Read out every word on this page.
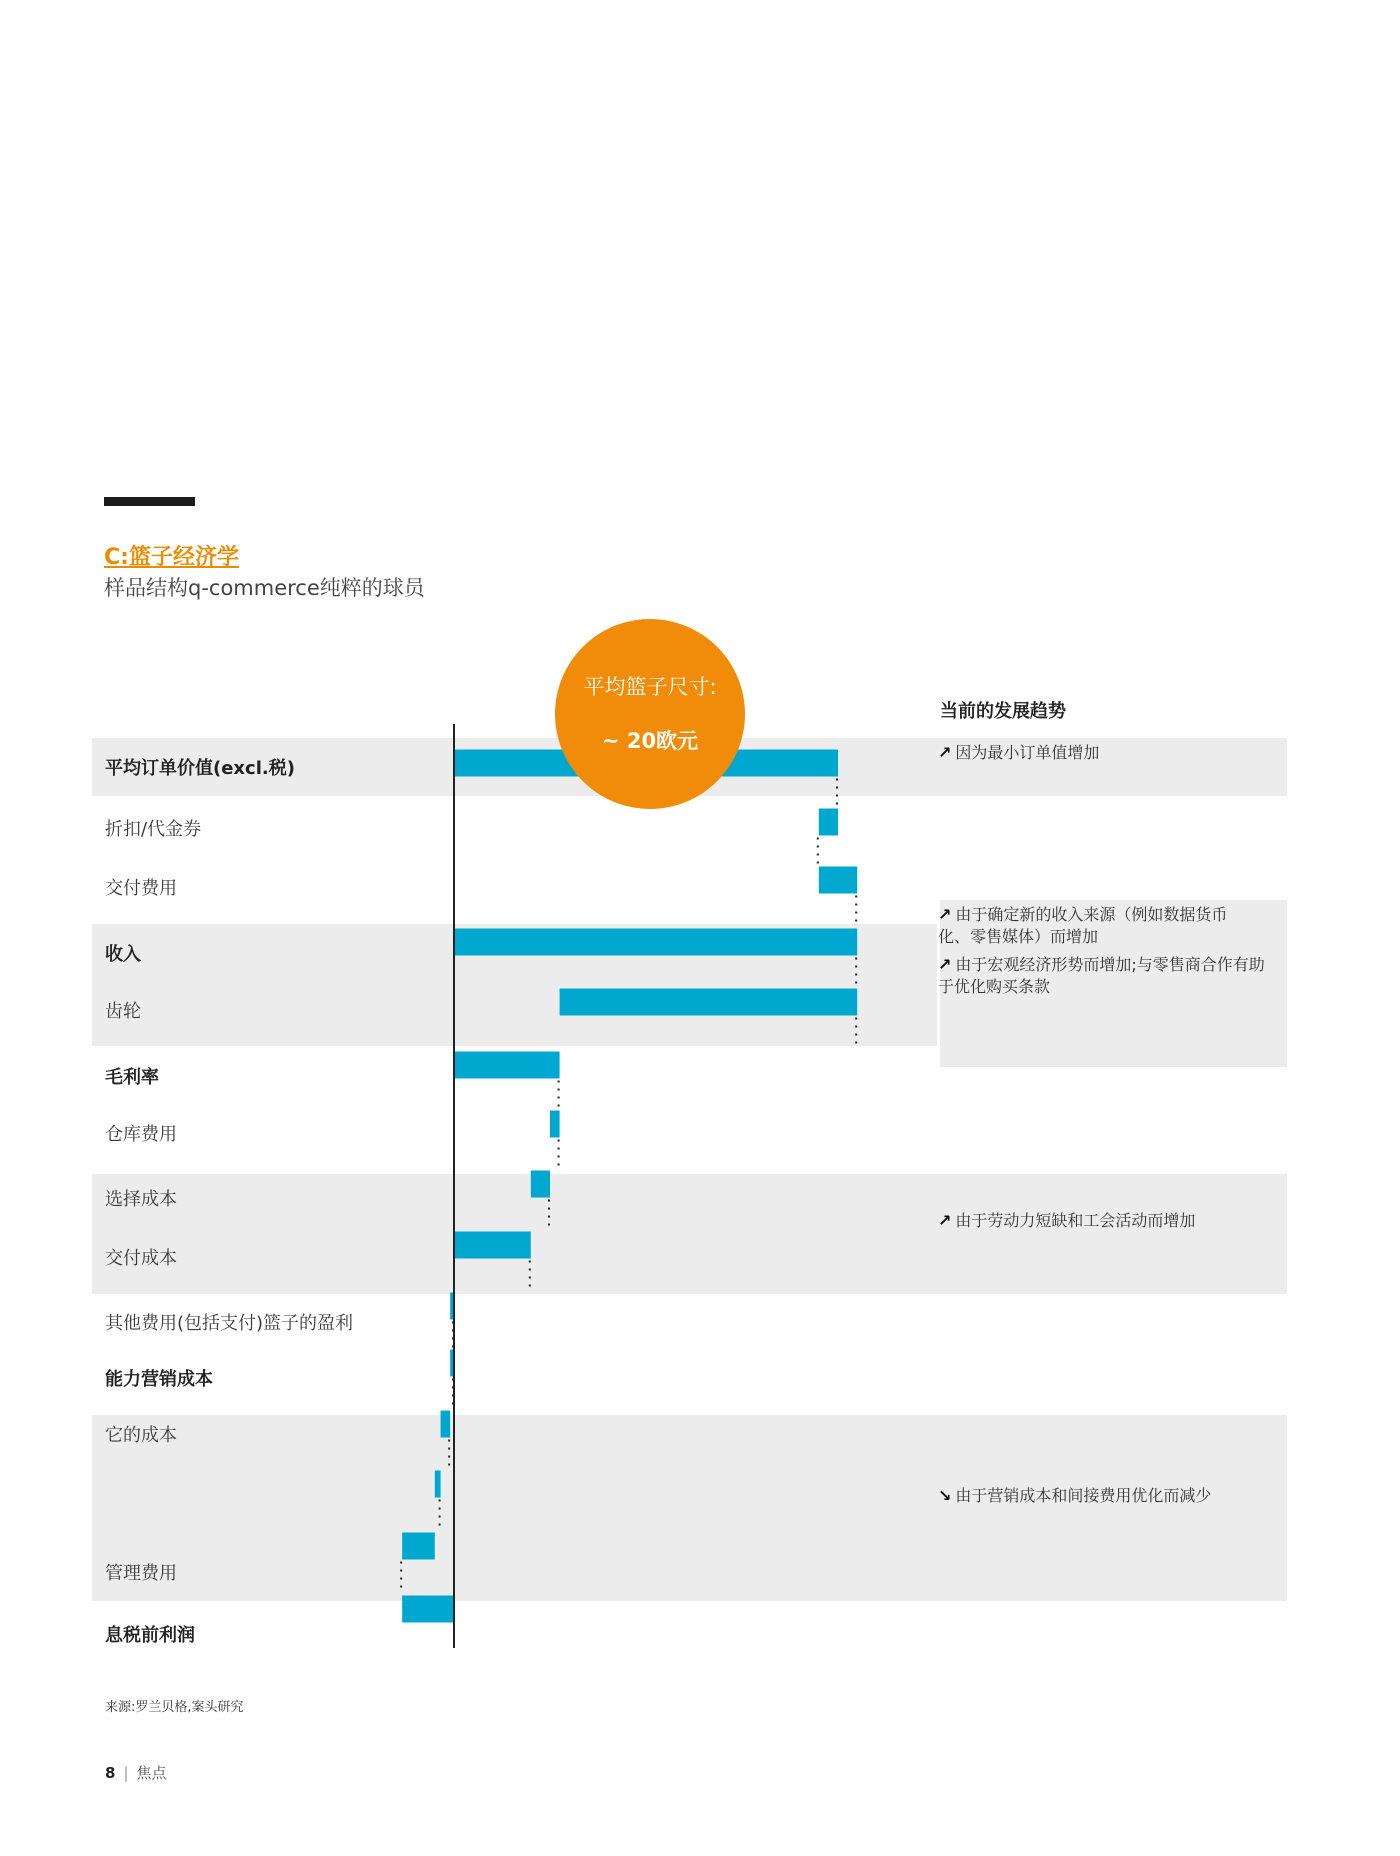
C:篮子经济学
样品结构q-commerce纯粹的球员
平均订单价值(excl.税)
折扣/代金券
交付费用
收入
齿轮
毛利率
仓库费用
选择成本
交付成本
其他费用(包括支付)篮子的盈利
能力营销成本
它的成本
管理费用
息税前利润
平均篮子尺寸:
~ 20欧元
当前的发展趋势
↗ 因为最小订单值增加
↗ 由于确定新的收入来源（例如数据货币化、零售媒体）而增加
↗ 由于宏观经济形势而增加;与零售商合作有助于优化购买条款
↗ 由于劳动力短缺和工会活动而增加
↘ 由于营销成本和间接费用优化而减少
来源:罗兰贝格,案头研究
8 | 焦点
